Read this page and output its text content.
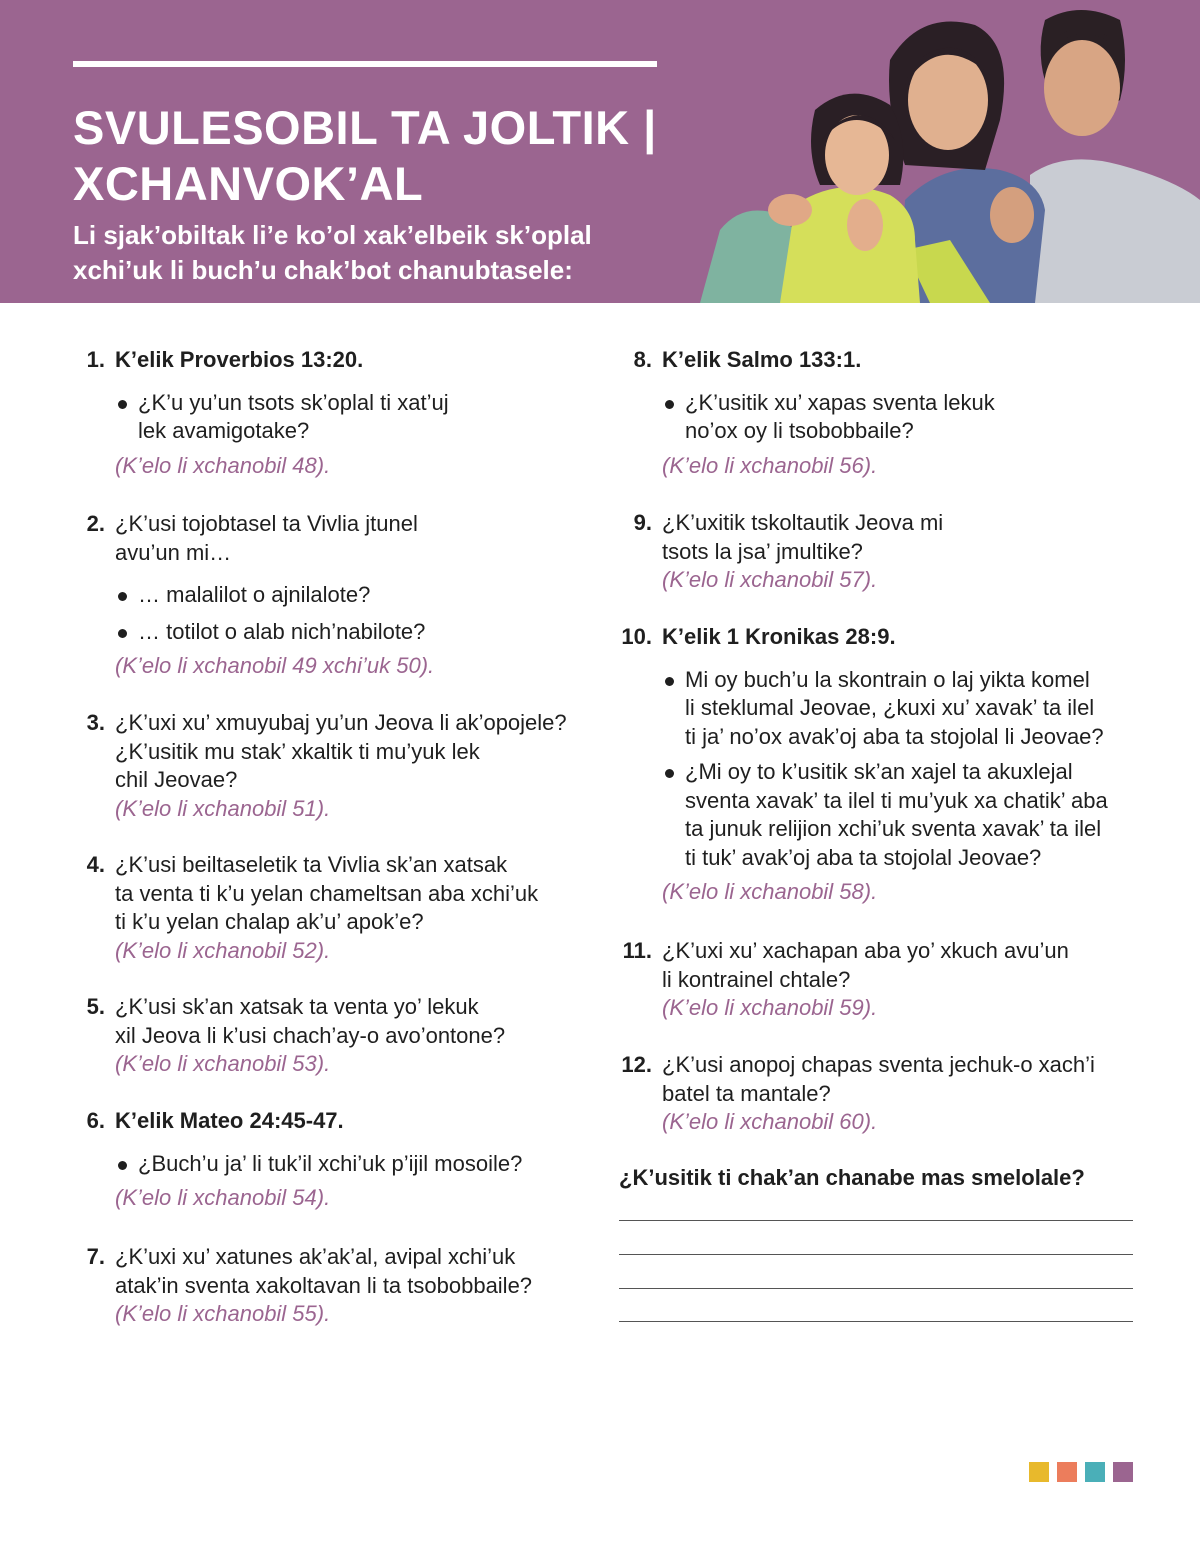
SVULESOBIL TA JOLTIK |
XCHANVOK’AL
Li sjak’obiltak li’e ko’ol xak’elbeik sk’oplal
xchi’uk li buch’u chak’bot chanubtasele:
1. K’elik Proverbios 13:20.
¿K’u yu’un tsots sk’oplal ti xat’uj
lek avamigotake?
(K’elo li xchanobil 48).
2. ¿K’usi tojobtasel ta Vivlia jtunel
avu’un mi…
… malalilot o ajnilalote?
… totilot o alab nich’nabilote?
(K’elo li xchanobil 49 xchi’uk 50).
3. ¿K’uxi xu’ xmuyubaj yu’un Jeova li ak’opojele?
¿K’usitik mu stak’ xkaltik ti mu’yuk lek
chil Jeovae?
(K’elo li xchanobil 51).
4. ¿K’usi beiltaseletik ta Vivlia sk’an xatsak
ta venta ti k’u yelan chameltsan aba xchi’uk
ti k’u yelan chalap ak’u’ apok’e?
(K’elo li xchanobil 52).
5. ¿K’usi sk’an xatsak ta venta yo’ lekuk
xil Jeova li k’usi chach’ay-o avo’ontone?
(K’elo li xchanobil 53).
6. K’elik Mateo 24:45-47.
¿Buch’u ja’ li tuk’il xchi’uk p’ijil mosoile?
(K’elo li xchanobil 54).
7. ¿K’uxi xu’ xatunes ak’ak’al, avipal xchi’uk
atak’in sventa xakoltavan li ta tsobobbaile?
(K’elo li xchanobil 55).
8. K’elik Salmo 133:1.
¿K’usitik xu’ xapas sventa lekuk
no’ox oy li tsobobbaile?
(K’elo li xchanobil 56).
9. ¿K’uxitik tskoltautik Jeova mi
tsots la jsa’ jmultike?
(K’elo li xchanobil 57).
10. K’elik 1 Kronikas 28:9.
Mi oy buch’u la skontrain o laj yikta komel
li steklumal Jeovae, ¿kuxi xu’ xavak’ ta ilel
ti ja’ no’ox avak’oj aba ta stojolal li Jeovae?
¿Mi oy to k’usitik sk’an xajel ta akuxlejal
sventa xavak’ ta ilel ti mu’yuk xa chatik’ aba
ta junuk relijion xchi’uk sventa xavak’ ta ilel
ti tuk’ avak’oj aba ta stojolal Jeovae?
(K’elo li xchanobil 58).
11. ¿K’uxi xu’ xachapan aba yo’ xkuch avu’un
li kontrainel chtale?
(K’elo li xchanobil 59).
12. ¿K’usi anopoj chapas sventa jechuk-o xach’i
batel ta mantale?
(K’elo li xchanobil 60).
¿K’usitik ti chak’an chanabe mas smelolale?
